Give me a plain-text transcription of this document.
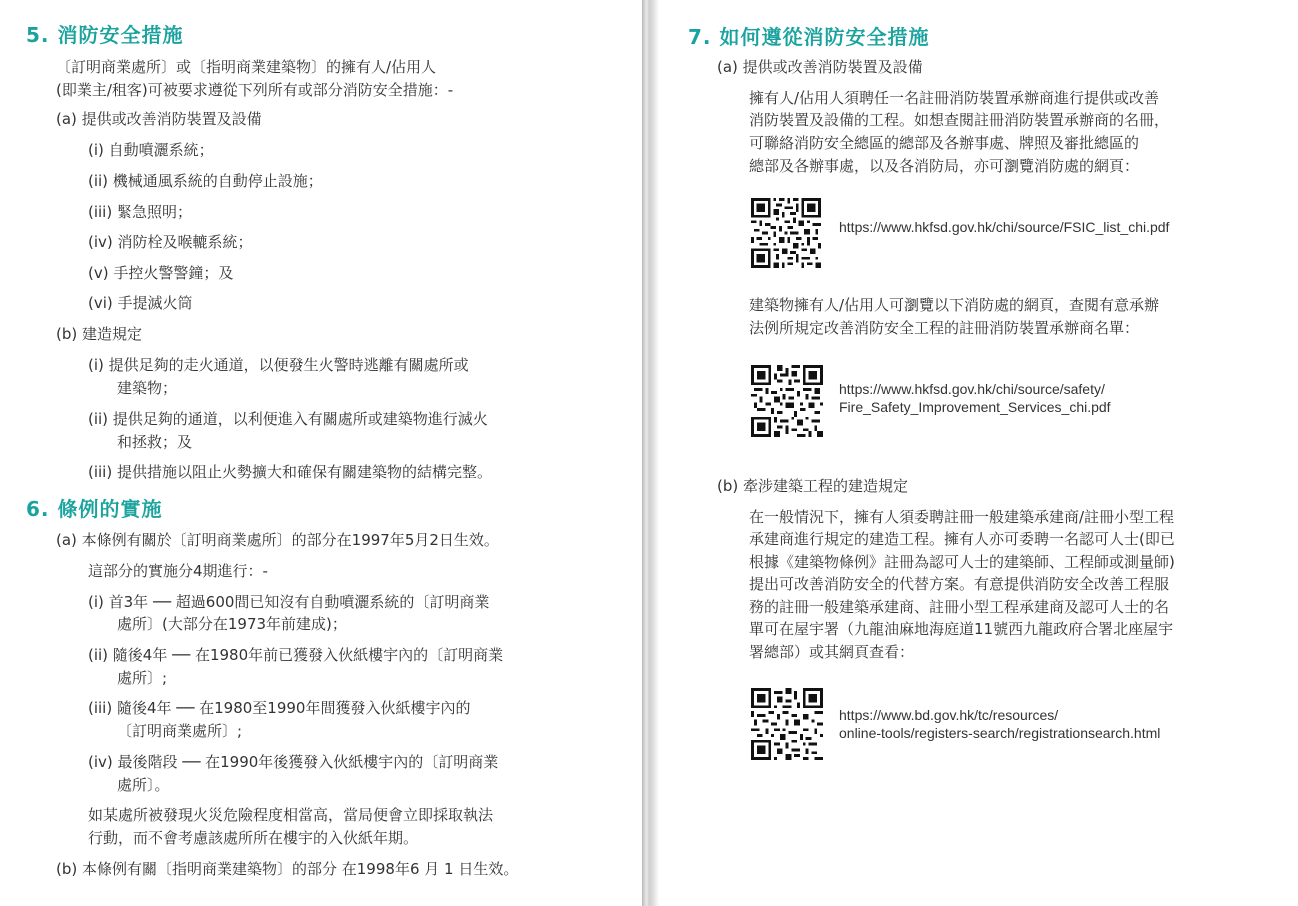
5. 消防安全措施
〔訂明商業處所〕或〔指明商業建築物〕的擁有人/佔用人
(即業主/租客)可被要求遵從下列所有或部分消防安全措施：-
(a) 提供或改善消防裝置及設備
(i) 自動噴灑系統；
(ii) 機械通風系統的自動停止設施；
(iii) 緊急照明；
(iv) 消防栓及喉轆系統；
(v) 手控火警警鐘；及
(vi) 手提滅火筒
(b) 建造規定
(i) 提供足夠的走火通道，以便發生火警時逃離有關處所或
建築物；
(ii) 提供足夠的通道，以利便進入有關處所或建築物進行滅火
和拯救；及
(iii) 提供措施以阻止火勢擴大和確保有關建築物的結構完整。
6. 條例的實施
(a) 本條例有關於〔訂明商業處所〕的部分在1997年5月2日生效。
這部分的實施分4期進行：-
(i) 首3年 ── 超過600間已知沒有自動噴灑系統的〔訂明商業
處所〕(大部分在1973年前建成)；
(ii) 隨後4年 ── 在1980年前已獲發入伙紙樓宇內的〔訂明商業
處所〕;
(iii) 隨後4年 ── 在1980至1990年間獲發入伙紙樓宇內的
〔訂明商業處所〕;
(iv) 最後階段 ── 在1990年後獲發入伙紙樓宇內的〔訂明商業
處所〕。
如某處所被發現火災危險程度相當高，當局便會立即採取執法
行動，而不會考慮該處所所在樓宇的入伙紙年期。
(b) 本條例有關〔指明商業建築物〕的部分 在1998年6 月 1 日生效。
7. 如何遵從消防安全措施
(a) 提供或改善消防裝置及設備
擁有人/佔用人須聘任一名註冊消防裝置承辦商進行提供或改善
消防裝置及設備的工程。如想查閱註冊消防裝置承辦商的名冊，
可聯絡消防安全總區的總部及各辦事處、牌照及審批總區的
總部及各辦事處，以及各消防局，亦可瀏覽消防處的網頁：
https://www.hkfsd.gov.hk/chi/source/FSIC_list_chi.pdf
建築物擁有人/佔用人可瀏覽以下消防處的網頁，查閱有意承辦
法例所規定改善消防安全工程的註冊消防裝置承辦商名單：
https://www.hkfsd.gov.hk/chi/source/safety/
Fire_Safety_Improvement_Services_chi.pdf
(b) 牽涉建築工程的建造規定
在一般情況下，擁有人須委聘註冊一般建築承建商/註冊小型工程
承建商進行規定的建造工程。擁有人亦可委聘一名認可人士(即已
根據《建築物條例》註冊為認可人士的建築師、工程師或測量師)
提出可改善消防安全的代替方案。有意提供消防安全改善工程服
務的註冊一般建築承建商、註冊小型工程承建商及認可人士的名
單可在屋宇署（九龍油麻地海庭道11號西九龍政府合署北座屋宇
署總部）或其網頁查看：
https://www.bd.gov.hk/tc/resources/
online-tools/registers-search/registrationsearch.html
